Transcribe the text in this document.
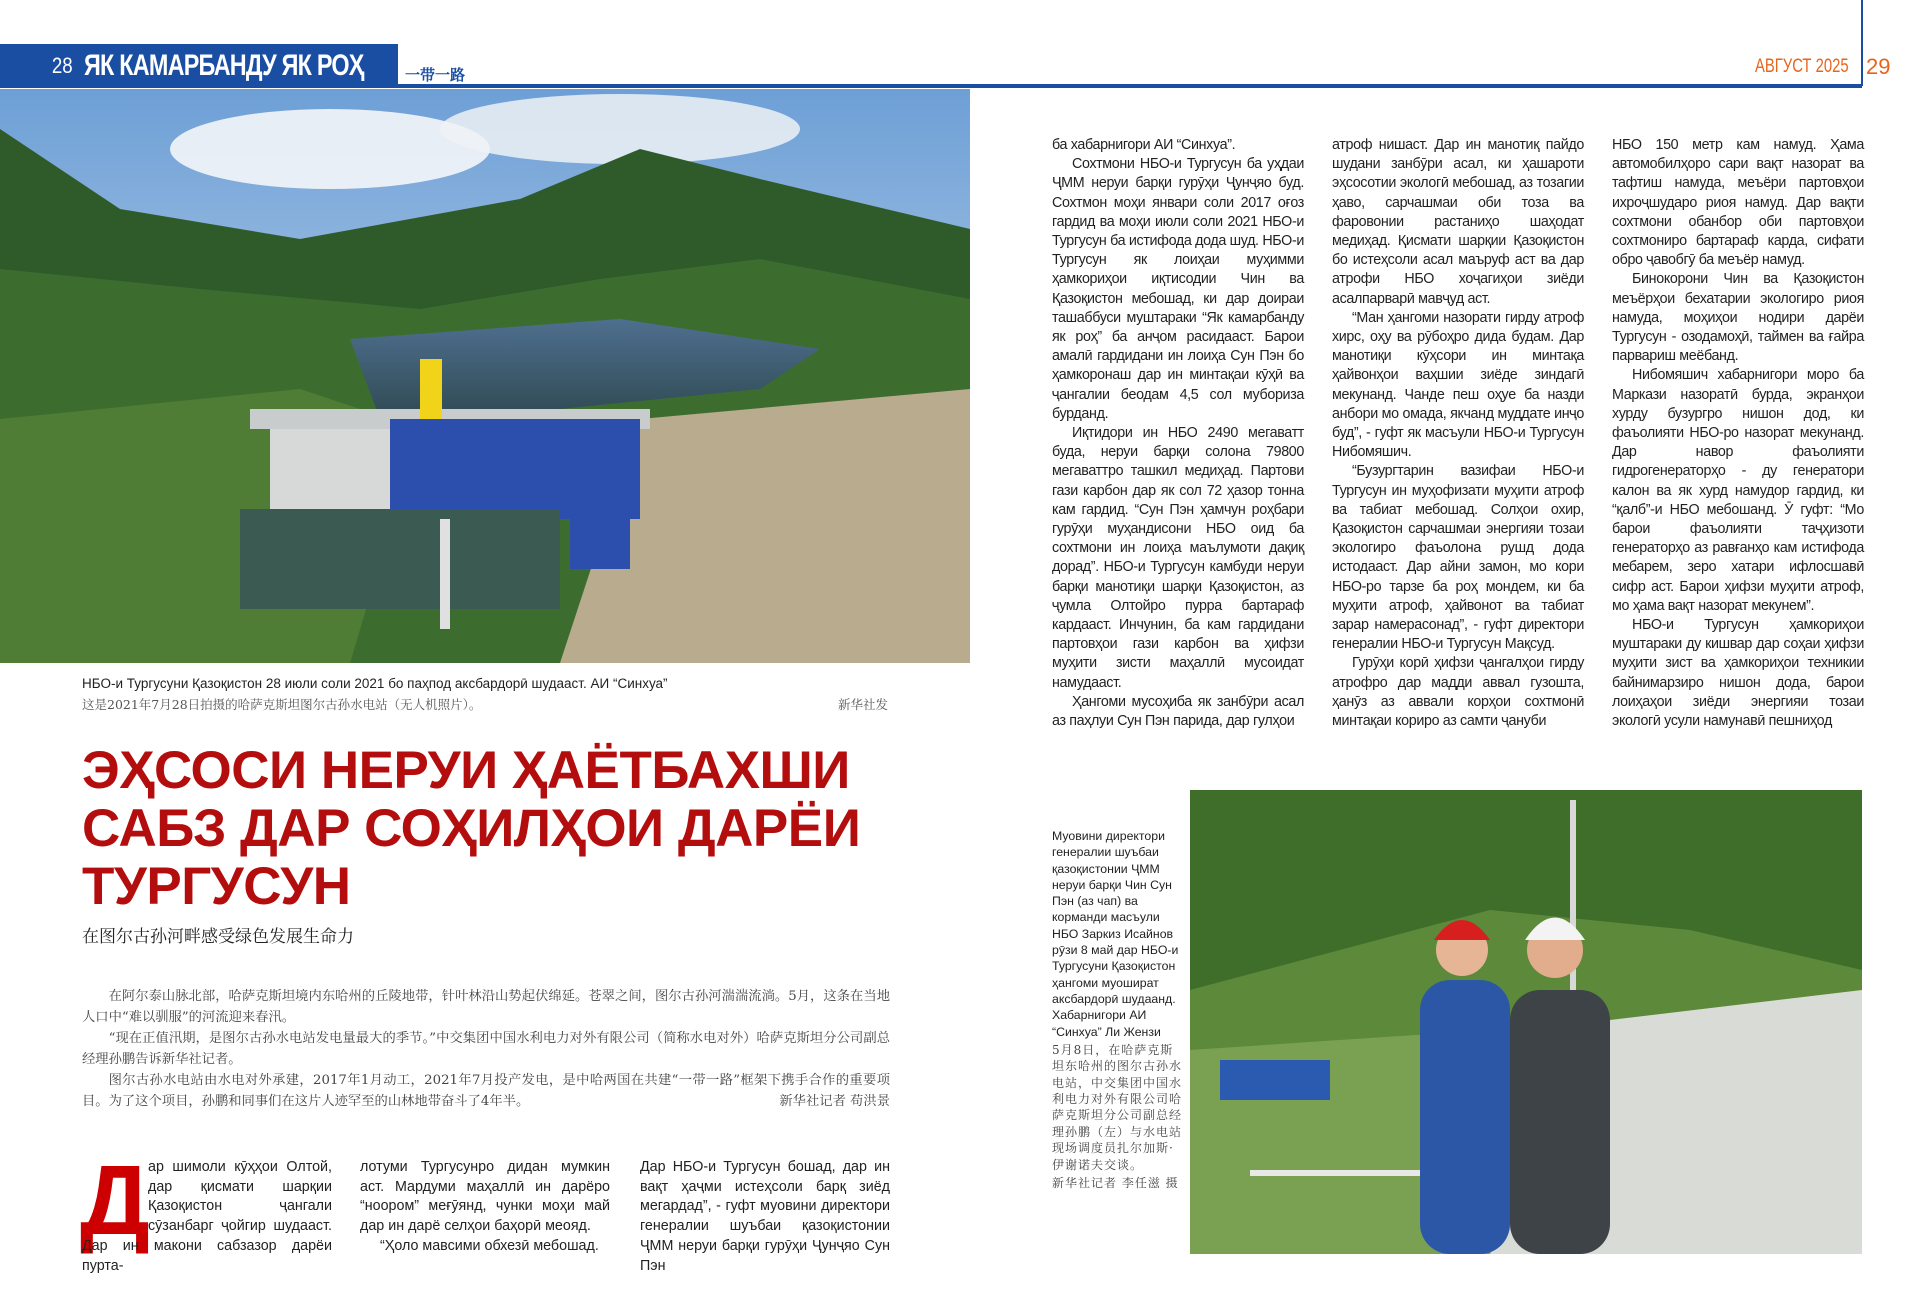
28 ЯК КАМАРБАНДУ ЯК РОҲ	一带一路	АВГУСТ 2025 29
НБО-и Тургусуни Қазоқистон 28 июли соли 2021 бо паҳпод аксбардорӣ шудааст. АИ “Синхуа”
这是2021年7月28日拍摄的哈萨克斯坦图尔古孙水电站（无人机照片）。	新华社发
ЭҲСОСИ НЕРУИ ҲАЁТБАХШИ САБЗ ДАР СОҲИЛҲОИ ДАРЁИ ТУРГУСУН
在图尔古孙河畔感受绿色发展生命力

在阿尔泰山脉北部，哈萨克斯坦境内东哈州的丘陵地带，针叶林沿山势起伏绵延。苍翠之间，图尔古孙河湍湍流淌。5月，这条在当地人口中“难以驯服”的河流迎来春汛。

“现在正值汛期，是图尔古孙水电站发电量最大的季节。”中交集团中国水利电力对外有限公司（简称水电对外）哈萨克斯坦分公司副总经理孙鹏告诉新华社记者。

图尔古孙水电站由水电对外承建，2017年1月动工，2021年7月投产发电，是中哈两国在共建“一带一路”框架下携手合作的重要项目。为了这个项目，孙鹏和同事们在这片人迹罕至的山林地带奋斗了4年半。	新华社记者 苟洪景

Д

ар шимоли кӯҳҳои Олтой, дар қисмати шарқии Қазоқистон ҷангали сӯзанбарг ҷойгир шудааст. Дар ин макони сабзазор дарёи пурта-

лотуми Тургусунро дидан мумкин аст. Мардуми маҳаллӣ ин дарёро “ноором” меғӯянд, чунки моҳи май дар ин дарё селҳои баҳорӣ меояд.

“Ҳоло мавсими обхезӣ мебошад.

Дар НБО-и Тургусун бошад, дар ин вақт ҳаҷми истеҳсоли барқ зиёд мегардад”, - гуфт муовини директори генералии шуъбаи қазоқистонии ҶММ неруи барқи гурӯҳи Ҷунҷяо Сун Пэн

ба хабарнигори АИ “Синхуа”.

Сохтмони НБО-и Тургусун ба уҳдаи ҶММ неруи барқи гурӯҳи Ҷунҷяо буд. Сохтмон моҳи январи соли 2017 оғоз гардид ва моҳи июли соли 2021 НБО-и Тургусун ба истифода дода шуд. НБО-и Тургусун як лоиҳаи муҳимми ҳамкориҳои иқтисодии Чин ва Қазоқистон мебошад, ки дар доираи ташаббуси муштараки “Як камарбанду як роҳ” ба анҷом расидааст. Барои амалӣ гардидани ин лоиҳа Сун Пэн бо ҳамкоронаш дар ин минтақаи кӯҳӣ ва ҷангалии беодам 4,5 сол мубориза бурданд.

Иқтидори ин НБО 2490 мегаватт буда, неруи барқи солона 79800 мегаваттро ташкил медиҳад. Партови гази карбон дар як сол 72 ҳазор тонна кам гардид. “Сун Пэн ҳамчун роҳбари гурӯҳи муҳандисони НБО оид ба сохтмони ин лоиҳа маълумоти дақиқ дорад”. НБО-и Тургусун камбуди неруи барқи манотиқи шарқи Қазоқистон, аз ҷумла Олтойро пурра бартараф кардааст. Инчунин, ба кам гардидани партовҳои гази карбон ва ҳифзи муҳити зисти маҳаллӣ мусоидат намудааст.

Ҳангоми мусоҳиба як занбӯри асал аз паҳлуи Сун Пэн парида, дар гулҳои

атроф нишаст. Дар ин манотиқ пайдо шудани занбӯри асал, ки ҳашароти эҳсосотии экологӣ мебошад, аз тозагии ҳаво, сарчашмаи оби тоза ва фаровонии растаниҳо шаҳодат медиҳад. Қисмати шарқии Қазоқистон бо истеҳсоли асал маъруф аст ва дар атрофи НБО хоҷагиҳои зиёди асалпарварӣ мавҷуд аст.

“Ман ҳангоми назорати гирду атроф хирс, оҳу ва рӯбоҳро дида будам. Дар манотиқи кӯҳсори ин минтақа ҳайвонҳои ваҳшии зиёде зиндагӣ мекунанд. Чанде пеш оҳуе ба назди анбори мо омада, якчанд муддате инҷо буд”, - гуфт як масъули НБО-и Тургусун Нибомяшич.

“Бузургтарин вазифаи НБО-и Тургусун ин муҳофизати муҳити атроф ва табиат мебошад. Солҳои охир, Қазоқистон сарчашмаи энергияи тозаи экологиро фаъолона рушд дода истодааст. Дар айни замон, мо кори НБО-ро тарзе ба роҳ мондем, ки ба муҳити атроф, ҳайвонот ва табиат зарар намерасонад”, - гуфт директори генералии НБО-и Тургусун Мақсуд.

Гурӯҳи корӣ ҳифзи ҷангалҳои гирду атрофро дар мадди аввал гузошта, ҳанӯз аз аввали корҳои сохтмонӣ минтақаи кориро аз самти ҷануби

НБО 150 метр кам намуд. Ҳама автомобилҳоро сари вақт назорат ва тафтиш намуда, меъёри партовҳои ихроҷшударо риоя намуд. Дар вақти сохтмони обанбор оби партовҳои сохтмониро бартараф карда, сифати обро ҷавобгӯ ба меъёр намуд.

Бинокорони Чин ва Қазоқистон меъёрҳои бехатарии экологиро риоя намуда, моҳиҳои нодири дарёи Тургусун - озодамоҳӣ, таймен ва ғайра парвариш меёбанд.

Нибомяшич хабарнигори моро ба Маркази назоратӣ бурда, экранҳои хурду бузургро нишон дод, ки фаъолияти НБО-ро назорат мекунанд. Дар навор фаъолияти гидрогенераторҳо - ду генератори калон ва як хурд намудор гардид, ки “қалб”-и НБО мебошанд. Ӯ гуфт: “Мо барои фаъолияти таҷҳизоти генераторҳо аз равғанҳо кам истифода мебарем, зеро хатари ифлосшавӣ сифр аст. Барои ҳифзи муҳити атроф, мо ҳама вақт назорат мекунем”.

НБО-и Тургусун ҳамкориҳои муштараки ду кишвар дар соҳаи ҳифзи муҳити зист ва ҳамкориҳои техникии байнимарзиро нишон дода, барои лоиҳаҳои зиёди энергияи тозаи экологӣ усули намунавӣ пешниҳод

Муовини директори генералии шуъбаи қазоқистонии ҶММ неруи барқи Чин Сун Пэн (аз чап) ва корманди масъули НБО Заркиз Исайнов рӯзи 8 май дар НБО-и Тургусуни Қазоқистон ҳангоми муошират аксбардорӣ шудаанд. Хабарнигори АИ “Синхуа” Ли Жензи
5月8日，在哈萨克斯坦东哈州的图尔古孙水电站，中交集团中国水利电力对外有限公司哈萨克斯坦分公司副总经理孙鹏（左）与水电站现场调度员扎尔加斯·伊谢诺夫交谈。
新华社记者 李任滋 摄
